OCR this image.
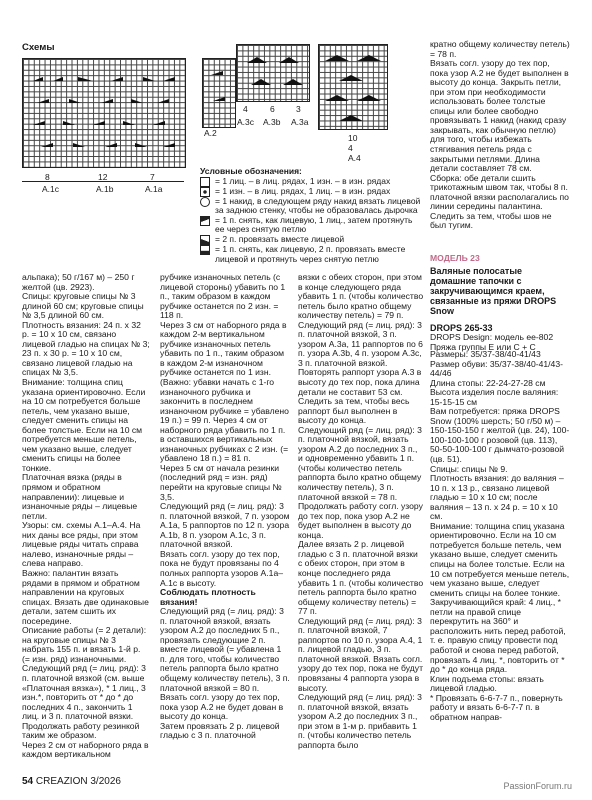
Схемы
8	12	7
A.1c	A.1b	A.1a
A.2
4	6	3
A.3c A.3b A.3a
10
4
A.4

Условные обозначения:

= 1 лиц. – в лиц. рядах, 1 изн. – в изн. рядах
= 1 изн. – в лиц. рядах, 1 лиц. – в изн. рядах
= 1 накид, в следующем ряду накид вязать лицевой за заднюю стенку, чтобы не образовалась дырочка
= 1 п. снять, как лицевую, 1 лиц., затем протянуть ее через снятую петлю
= 2 п. провязать вместе лицевой
= 1 п. снять, как лицевую, 2 п. провязать вместе лицевой и протянуть через снятую петлю

кратно общему количеству петель) = 78 п.

Вязать согл. узору до тех пор, пока узор А.2 не будет выполнен в высоту до конца. Закрыть петли, при этом при необходимости использовать более толстые спицы или более свободно провязывать 1 накид (накид сразу закрывать, как обычную петлю) для того, чтобы избежать стягивания петель ряда с закрытыми петлями. Длина детали составляет 78 см.

Сборка: обе детали сшить трикотажным швом так, чтобы 8 п. платочной вязки располагались по линии середины палантина. Следить за тем, чтобы шов не был тугим.

МОДЕЛЬ 23

Валяные полосатые домашние тапочки с закручивающимся краем, связанные из пряжи DROPS Snow

DROPS 265-33

DROPS Design: модель ee-802

Пряжа группы E или C + C

альпака); 50 г/167 м) – 250 г желтой (цв. 2923).

Спицы: круговые спицы № 3 длиной 60 см; круговые спицы № 3,5 длиной 60 см.

Плотность вязания: 24 п. х 32 р. = 10 х 10 см, связано лицевой гладью на спицах № 3; 23 п. х 30 р. = 10 х 10 см, связано лицевой гладью на спицах № 3,5.

Внимание: толщина спиц указана ориентировочно. Если на 10 см потребуется больше петель, чем указано выше, следует сменить спицы на более толстые. Если на 10 см потребуется меньше петель, чем указано выше, следует сменить спицы на более тонкие.

Платочная вязка (ряды в прямом и обратном направлении): лицевые и изнаночные ряды – лицевые петли.

Узоры: см. схемы А.1–А.4. На них даны все ряды, при этом лицевые ряды читать справа налево, изнаночные ряды – слева направо.

Важно: палантин вязать рядами в прямом и обратном направлении на круговых спицах. Вязать две одинаковые детали, затем сшить их посередине.

Описание работы (= 2 детали): на круговые спицы № 3 набрать 155 п. и вязать 1-й р. (= изн. ряд) изнаночными.

Следующий ряд (= лиц. ряд): 3 п. платочной вязкой (см. выше «Платочная вязка»), * 1 лиц., 3 изн.*, повторить от * до * до последних 4 п., закончить 1 лиц. и 3 п. платочной вязки.

Продолжать работу резинкой таким же образом.

Через 2 см от наборного ряда в каждом вертикальном

рубчике изнаночных петель (с лицевой стороны) убавить по 1 п., таким образом в каждом рубчике останется по 2 изн. = 118 п.

Через 3 см от наборного ряда в каждом 2-м вертикальном рубчике изнаночных петель убавить по 1 п., таким образом в каждом 2-м изнаночном рубчике останется по 1 изн. (Важно: убавки начать с 1-го изнаночного рубчика и закончить в последнем изнаночном рубчике = убавлено 19 п.) = 99 п. Через 4 см от наборного ряда убавить по 1 п. в оставшихся вертикальных изнаночных рубчиках с 2 изн. (= убавлено 18 п.) = 81 п.

Через 5 см от начала резинки (последний ряд = изн. ряд) перейти на круговые спицы № 3,5.

Следующий ряд (= лиц. ряд): 3 п. платочной вязкой, 7 п. узором А.1а, 5 раппортов по 12 п. узора А.1b, 8 п. узором А.1с, 3 п. платочной вязкой.

Вязать согл. узору до тех пор, пока не будут провязаны по 4 полных раппорта узоров А.1а–А.1с в высоту.

Соблюдать плотность вязания!

Следующий ряд (= лиц. ряд): 3 п. платочной вязкой, вязать узором А.2 до последних 5 п., провязать следующие 2 п. вместе лицевой (= убавлена 1 п. для того, чтобы количество петель раппорта было кратно общему количеству петель), 3 п. платочной вязкой = 80 п.

Вязать согл. узору до тех пор, пока узор А.2 не будет дован в высоту до конца.

Затем провязать 2 р. лицевой гладью с 3 п. платочной

вязки с обеих сторон, при этом в конце следующего ряда убавить 1 п. (чтобы количество петель было кратно общему количеству петель) = 79 п.

Следующий ряд (= лиц. ряд): 3 п. платочной вязкой, 3 п. узором А.3а, 11 раппортов по 6 п. узора А.3b, 4 п. узором А.3с, 3 п. платочной вязкой. Повторять раппорт узора А.3 в высоту до тех пор, пока длина детали не составит 53 см. Следить за тем, чтобы весь раппорт был выполнен в высоту до конца.

Следующий ряд (= лиц. ряд): 3 п. платочной вязкой, вязать узором А.2 до последних 3 п., и одновременно убавить 1 п. (чтобы количество петель раппорта было кратно общему количеству петель), 3 п. платочной вязкой = 78 п. Продолжать работу согл. узору до тех пор, пока узор А.2 не будет выполнен в высоту до конца.

Далее вязать 2 р. лицевой гладью с 3 п. платочной вязки с обеих сторон, при этом в конце последнего ряда убавить 1 п. (чтобы количество петель раппорта было кратно общему количеству петель) = 77 п.

Следующий ряд (= лиц. ряд): 3 п. платочной вязкой, 7 раппортов по 10 п. узора А.4, 1 п. лицевой гладью, 3 п. платочной вязкой. Вязать согл. узору до тех пор, пока не будут провязаны 4 раппорта узора в высоту.

Следующий ряд (= лиц. ряд): 3 п. платочной вязкой, вязать узором А.2 до последних 3 п., при этом в 1-м р. прибавить 1 п. (чтобы количество петель раппорта было

Размеры: 35/37-38/40-41/43

Размер обуви: 35/37-38/40-41/43-44/46

Длина стопы: 22-24-27-28 см

Высота изделия после валяния: 15-15-15 см

Вам потребуется: пряжа DROPS Snow (100% шерсть; 50 г/50 м) – 150-150-150 г желтой (цв. 24), 100-100-100-100 г розовой (цв. 113), 50-50-100-100 г дымчато-розовой (цв. 51).

Спицы: спицы № 9.

Плотность вязания: до валяния – 10 п. х 13 р., связано лицевой гладью = 10 х 10 см; после валяния – 13 п. х 24 р. = 10 х 10 см.

Внимание: толщина спиц указана ориентировочно. Если на 10 см потребуется больше петель, чем указано выше, следует сменить спицы на более толстые. Если на 10 см потребуется меньше петель, чем указано выше, следует сменить спицы на более тонкие.

Закручивающийся край: 4 лиц., * петли на правой спице перекрутить на 360° и расположить нить перед работой, т. е. правую спицу провести под работой и снова перед работой, провязать 4 лиц. *, повторить от * до * до конца ряда.

Клин подъема стопы: вязать лицевой гладью.

* Провязать 6-6-7-7 п., повернуть работу и вязать 6-6-7-7 п. в обратном направ-

54 CREAZION 3/2026	PassionForum.ru
